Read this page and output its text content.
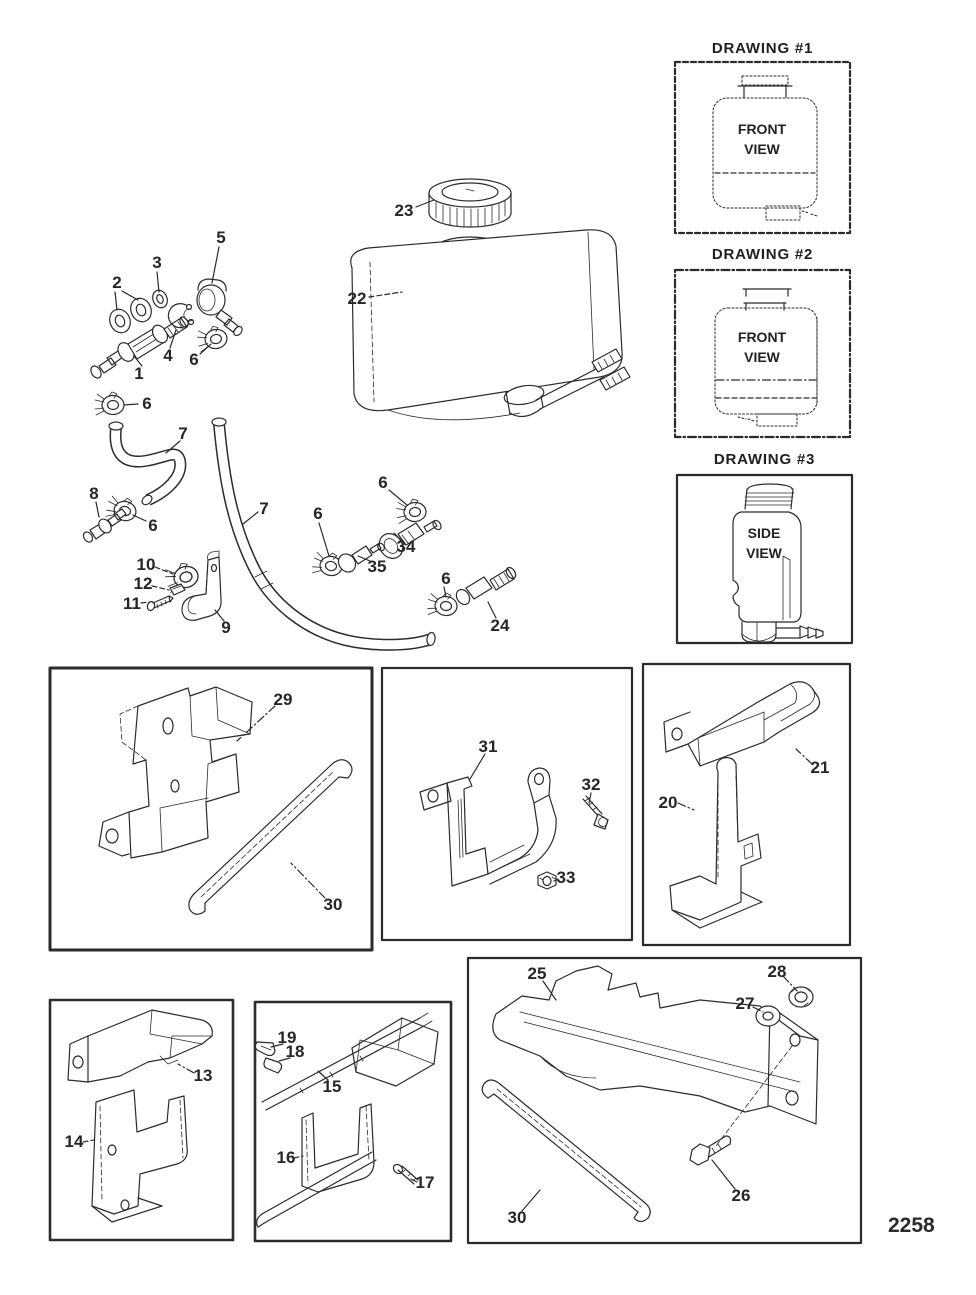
DRAWING #1
DRAWING #2
DRAWING #3
FRONT VIEW
FRONT VIEW
SIDE VIEW
1
2
3
4
5
6
6
6
6
6
6
7
7
8
9
10
11
12
13
14
15
16
17
18
19
20
21
22
23
24
25
26
27
28
29
30
30
31
32
33
34
35
2258
